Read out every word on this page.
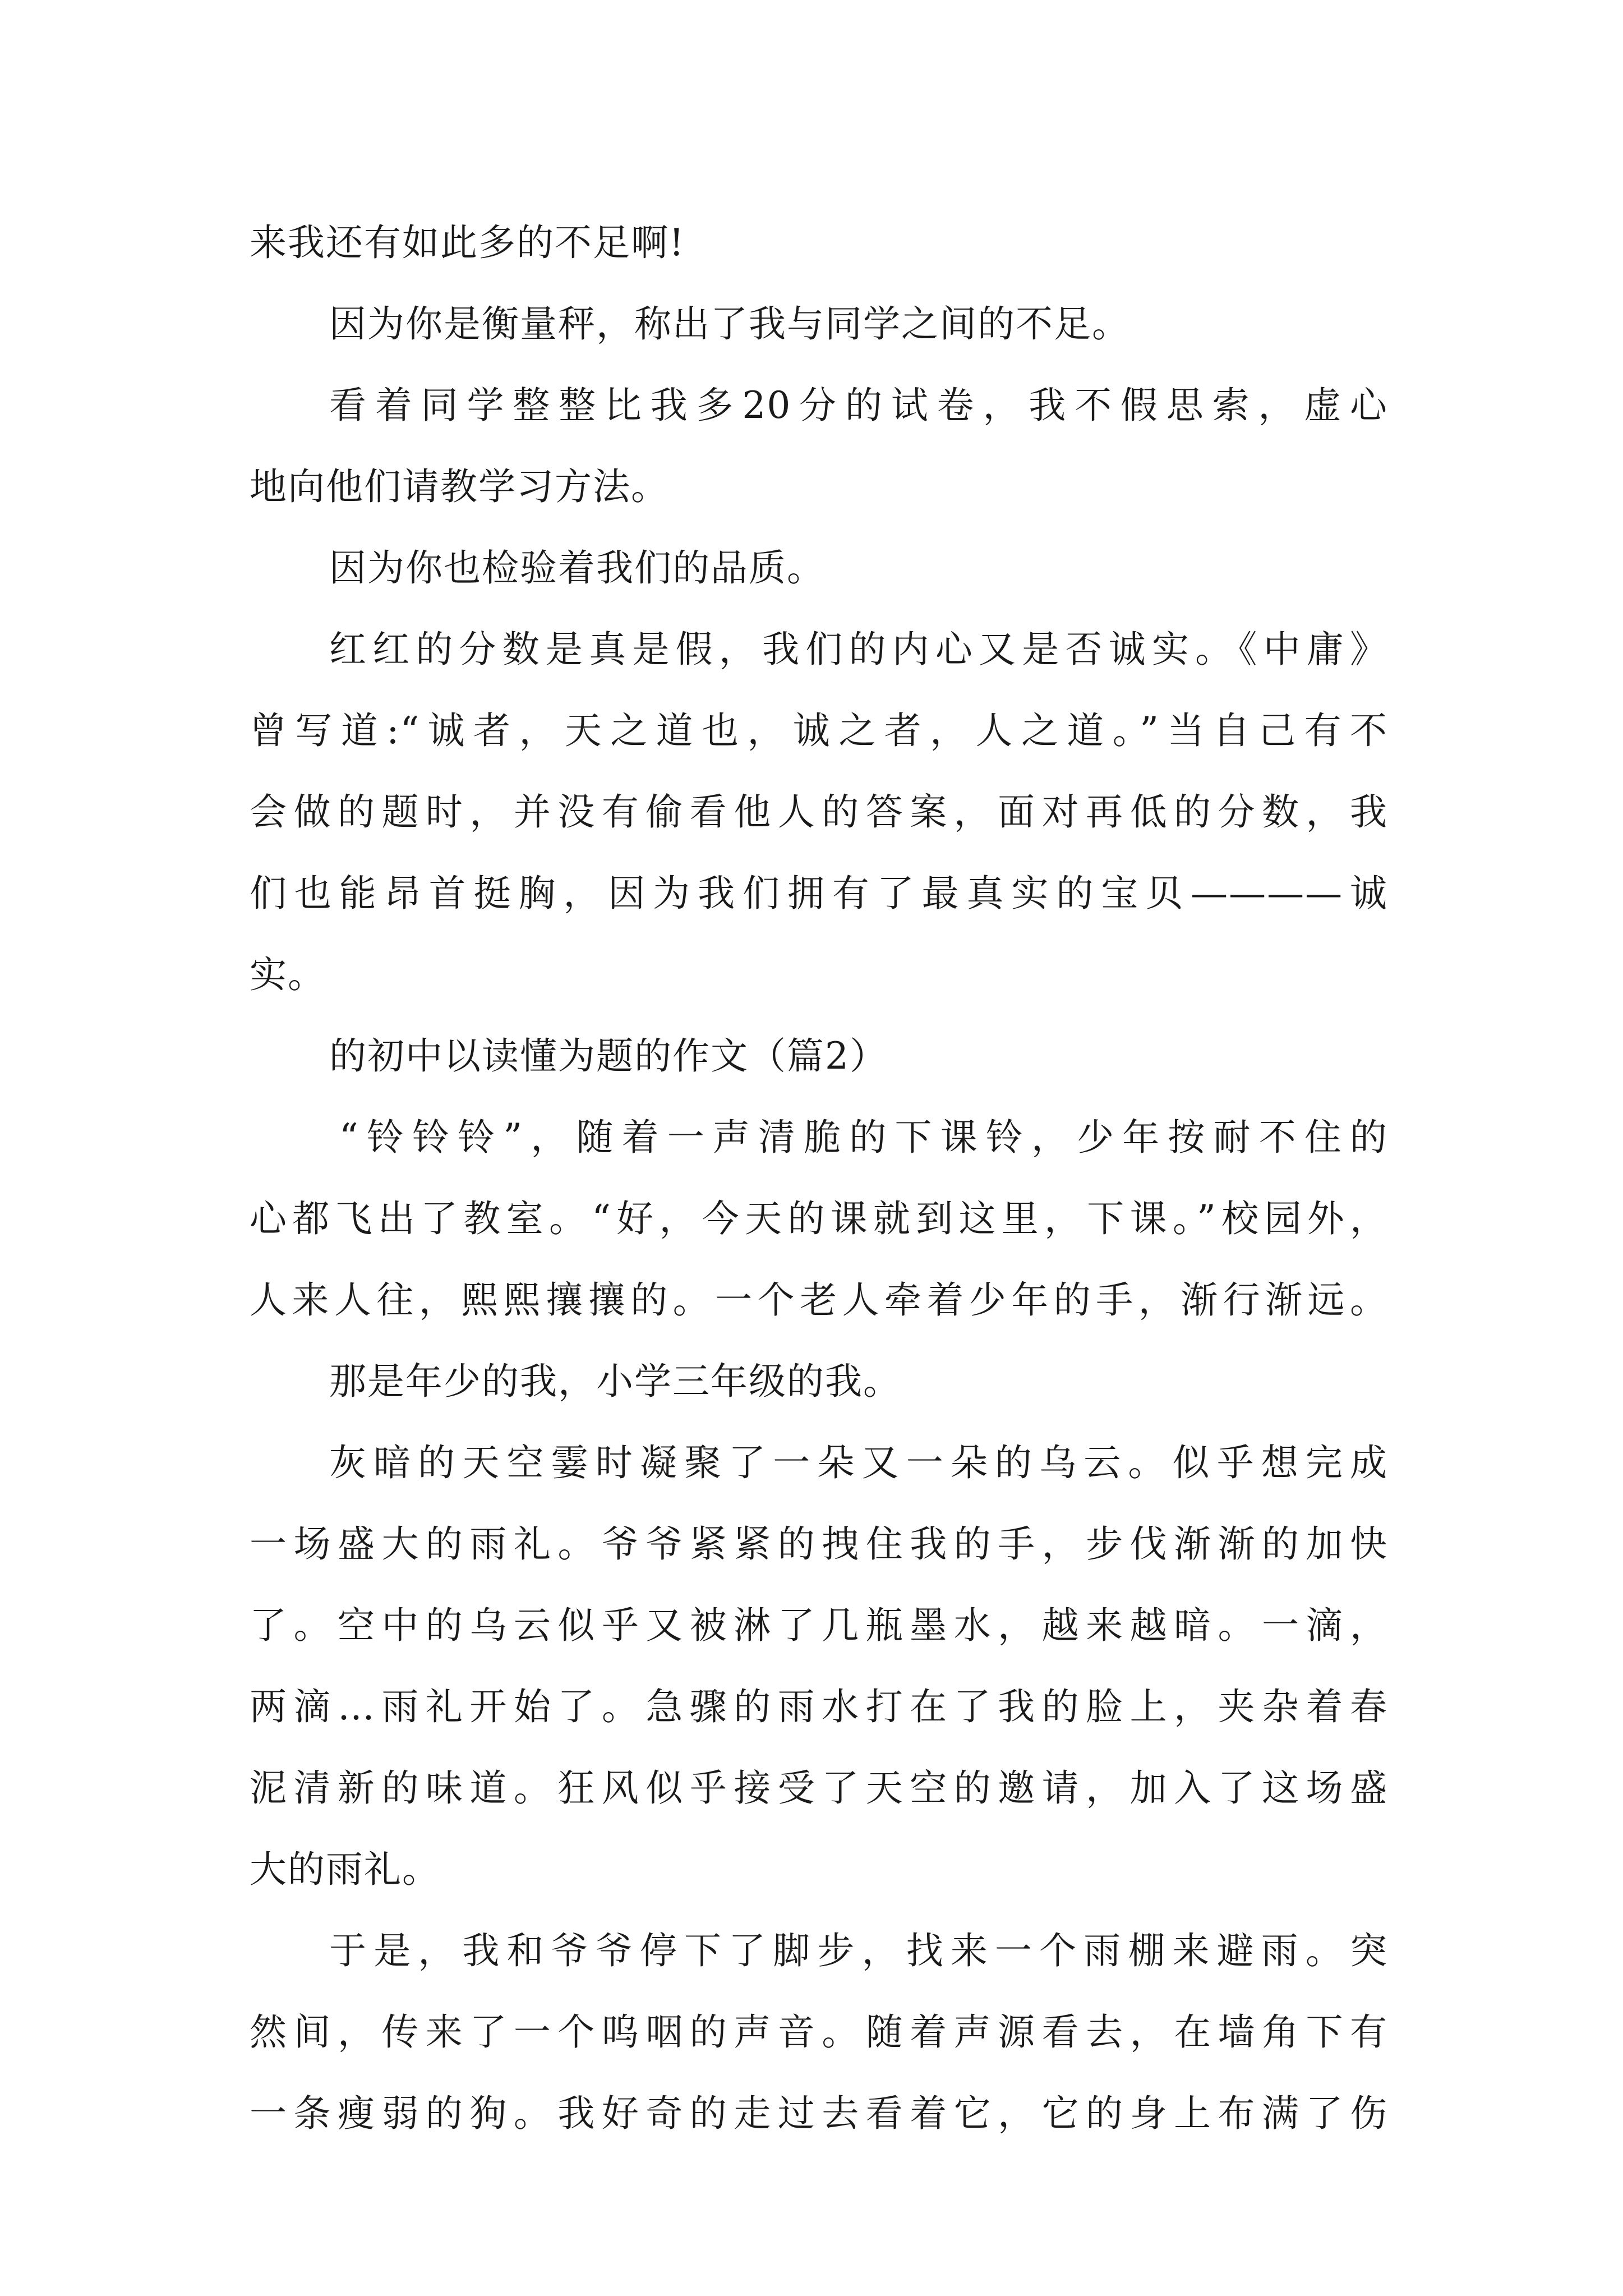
来我还有如此多的不足啊!
因为你是衡量秤，称出了我与同学之间的不足。
看着同学整整比我多20分的试卷，我不假思索，虚心
地向他们请教学习方法。
因为你也检验着我们的品质。
红红的分数是真是假，我们的内心又是否诚实。《中庸》
曾写道:“诚者，天之道也，诚之者，人之道。”当自己有不
会做的题时，并没有偷看他人的答案，面对再低的分数，我
们也能昂首挺胸，因为我们拥有了最真实的宝贝————诚
实。
的初中以读懂为题的作文（篇2）
“铃铃铃”，随着一声清脆的下课铃，少年按耐不住的
心都飞出了教室。“好，今天的课就到这里，下课。”校园外，
人来人往，熙熙攘攘的。一个老人牵着少年的手，渐行渐远。
那是年少的我，小学三年级的我。
灰暗的天空霎时凝聚了一朵又一朵的乌云。似乎想完成
一场盛大的雨礼。爷爷紧紧的拽住我的手，步伐渐渐的加快
了。空中的乌云似乎又被淋了几瓶墨水，越来越暗。一滴，
两滴…雨礼开始了。急骤的雨水打在了我的脸上，夹杂着春
泥清新的味道。狂风似乎接受了天空的邀请，加入了这场盛
大的雨礼。
于是，我和爷爷停下了脚步，找来一个雨棚来避雨。突
然间，传来了一个呜咽的声音。随着声源看去，在墙角下有
一条瘦弱的狗。我好奇的走过去看着它，它的身上布满了伤
